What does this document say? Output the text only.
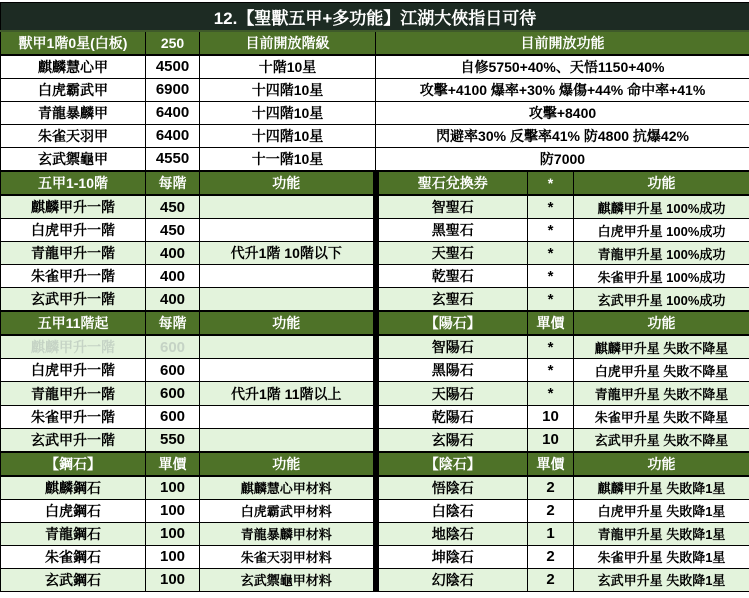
12.【聖獸五甲+多功能】江湖大俠指日可待					
獸甲1階0星(白板)	250	目前開放階級	目前開放功能		
麒麟慧心甲	4500	十階10星	自修5750+40%、天悟1150+40%		
白虎霸武甲	6900	十四階10星	攻擊+4100 爆率+30% 爆傷+44% 命中率+41%		
青龍暴麟甲	6400	十四階10星	攻擊+8400		
朱雀天羽甲	6400	十四階10星	閃避率30% 反擊率41% 防4800 抗爆42%		
玄武禦龜甲	4550	十一階10星	防7000		
五甲1-10階	每階	功能	聖石兌換券	*	功能
麒麟甲升一階	450		智聖石	*	麒麟甲升星 100%成功
白虎甲升一階	450		黑聖石	*	白虎甲升星 100%成功
青龍甲升一階	400	代升1階 10階以下	天聖石	*	青龍甲升星 100%成功
朱雀甲升一階	400		乾聖石	*	朱雀甲升星 100%成功
玄武甲升一階	400		玄聖石	*	玄武甲升星 100%成功
五甲11階起	每階	功能	【陽石】	單價	功能
麒麟甲升一階	600		智陽石	*	麒麟甲升星 失敗不降星
白虎甲升一階	600		黑陽石	*	白虎甲升星 失敗不降星
青龍甲升一階	600	代升1階 11階以上	天陽石	*	青龍甲升星 失敗不降星
朱雀甲升一階	600		乾陽石	10	朱雀甲升星 失敗不降星
玄武甲升一階	550		玄陽石	10	玄武甲升星 失敗不降星
【鋼石】	單價	功能	【陰石】	單價	功能
麒麟鋼石	100	麒麟慧心甲材料	悟陰石	2	麒麟甲升星 失敗降1星
白虎鋼石	100	白虎霸武甲材料	白陰石	2	白虎甲升星 失敗降1星
青龍鋼石	100	青龍暴麟甲材料	地陰石	1	青龍甲升星 失敗降1星
朱雀鋼石	100	朱雀天羽甲材料	坤陰石	2	朱雀甲升星 失敗降1星
玄武鋼石	100	玄武禦龜甲材料	幻陰石	2	玄武甲升星 失敗降1星
